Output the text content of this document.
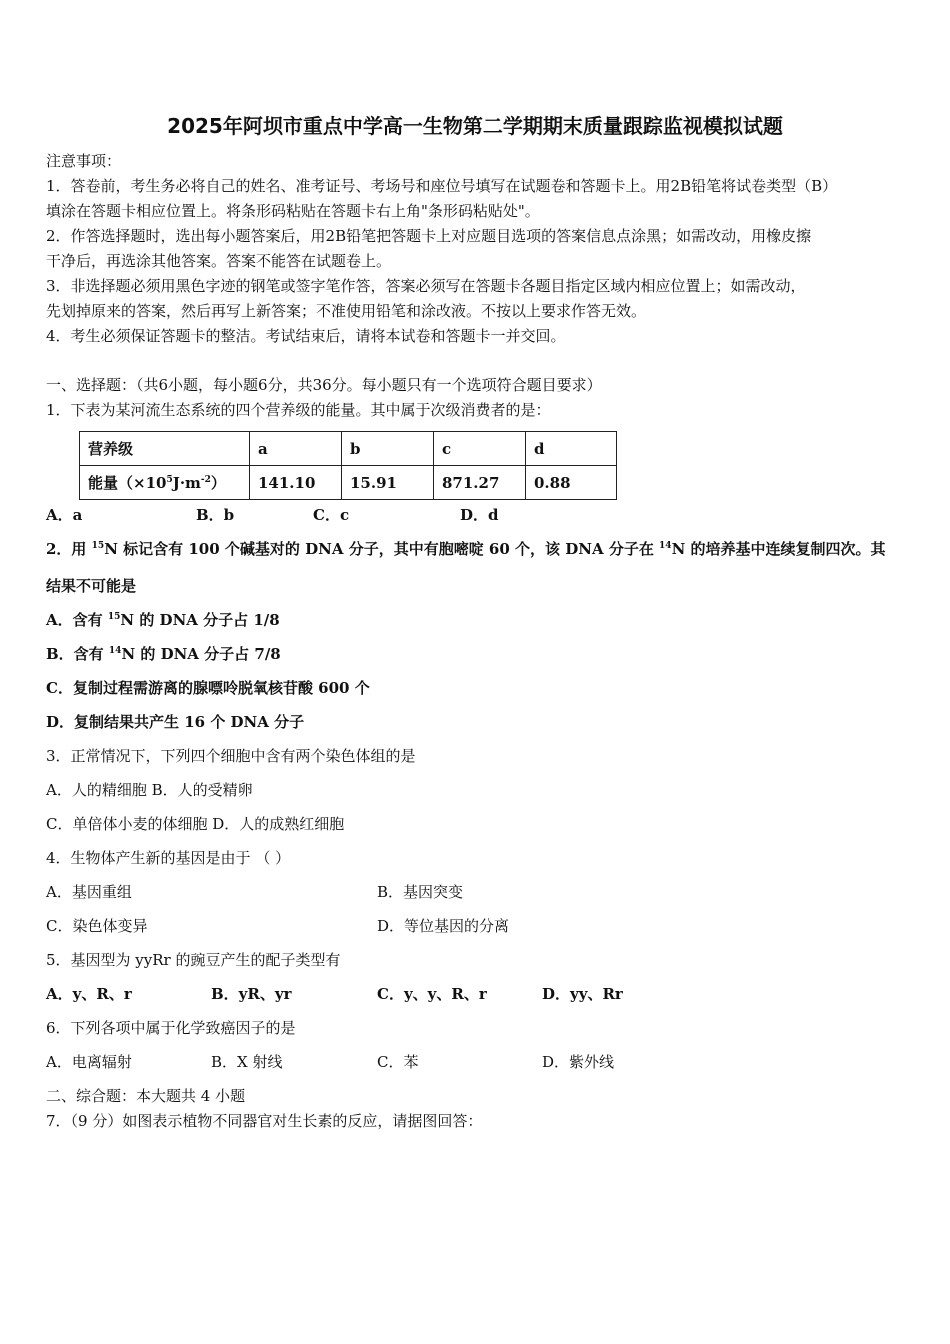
2025年阿坝市重点中学高一生物第二学期期末质量跟踪监视模拟试题
注意事项：
1．答卷前，考生务必将自己的姓名、准考证号、考场号和座位号填写在试题卷和答题卡上。用2B铅笔将试卷类型（B）
填涂在答题卡相应位置上。将条形码粘贴在答题卡右上角"条形码粘贴处"。
2．作答选择题时，选出每小题答案后，用2B铅笔把答题卡上对应题目选项的答案信息点涂黑；如需改动，用橡皮擦
干净后，再选涂其他答案。答案不能答在试题卷上。
3．非选择题必须用黑色字迹的钢笔或签字笔作答，答案必须写在答题卡各题目指定区域内相应位置上；如需改动，
先划掉原来的答案，然后再写上新答案；不准使用铅笔和涂改液。不按以上要求作答无效。
4．考生必须保证答题卡的整洁。考试结束后，请将本试卷和答题卡一并交回。
一、选择题：（共6小题，每小题6分，共36分。每小题只有一个选项符合题目要求）
1．下表为某河流生态系统的四个营养级的能量。其中属于次级消费者的是：
营养级	a	b	c	d
能量$(\times 10^5J\cdot m^{-2})$	141.10	15.91	871.27	0.88
A．a	B．b	C．c	D．d
2．用 $^{15}$N 标记含有 100 个碱基对的 DNA 分子，其中有胞嘧啶 60 个，该 DNA 分子在 $^{14}$N 的培养基中连续复制四次。其
结果不可能是
A．含有 $^{15}$N 的 DNA 分子占 1/8
B．含有 $^{14}$N 的 DNA 分子占 7/8
C．复制过程需游离的腺嘌呤脱氧核苷酸 600 个
D．复制结果共产生 16 个 DNA 分子
3．正常情况下，下列四个细胞中含有两个染色体组的是
A．人的精细胞 B．人的受精卵
C．单倍体小麦的体细胞 D．人的成熟红细胞
4．生物体产生新的基因是由于 （ ）
A．基因重组	B．基因突变
C．染色体变异	D．等位基因的分离
5．基因型为 yyRr 的豌豆产生的配子类型有
A．y、R、r	B．yR、yr	C．y、y、R、r	D．yy、Rr
6．下列各项中属于化学致癌因子的是
A．电离辐射	B．X 射线	C．苯	D．紫外线
二、综合题：本大题共 4 小题
7．（9 分）如图表示植物不同器官对生长素的反应，请据图回答：
